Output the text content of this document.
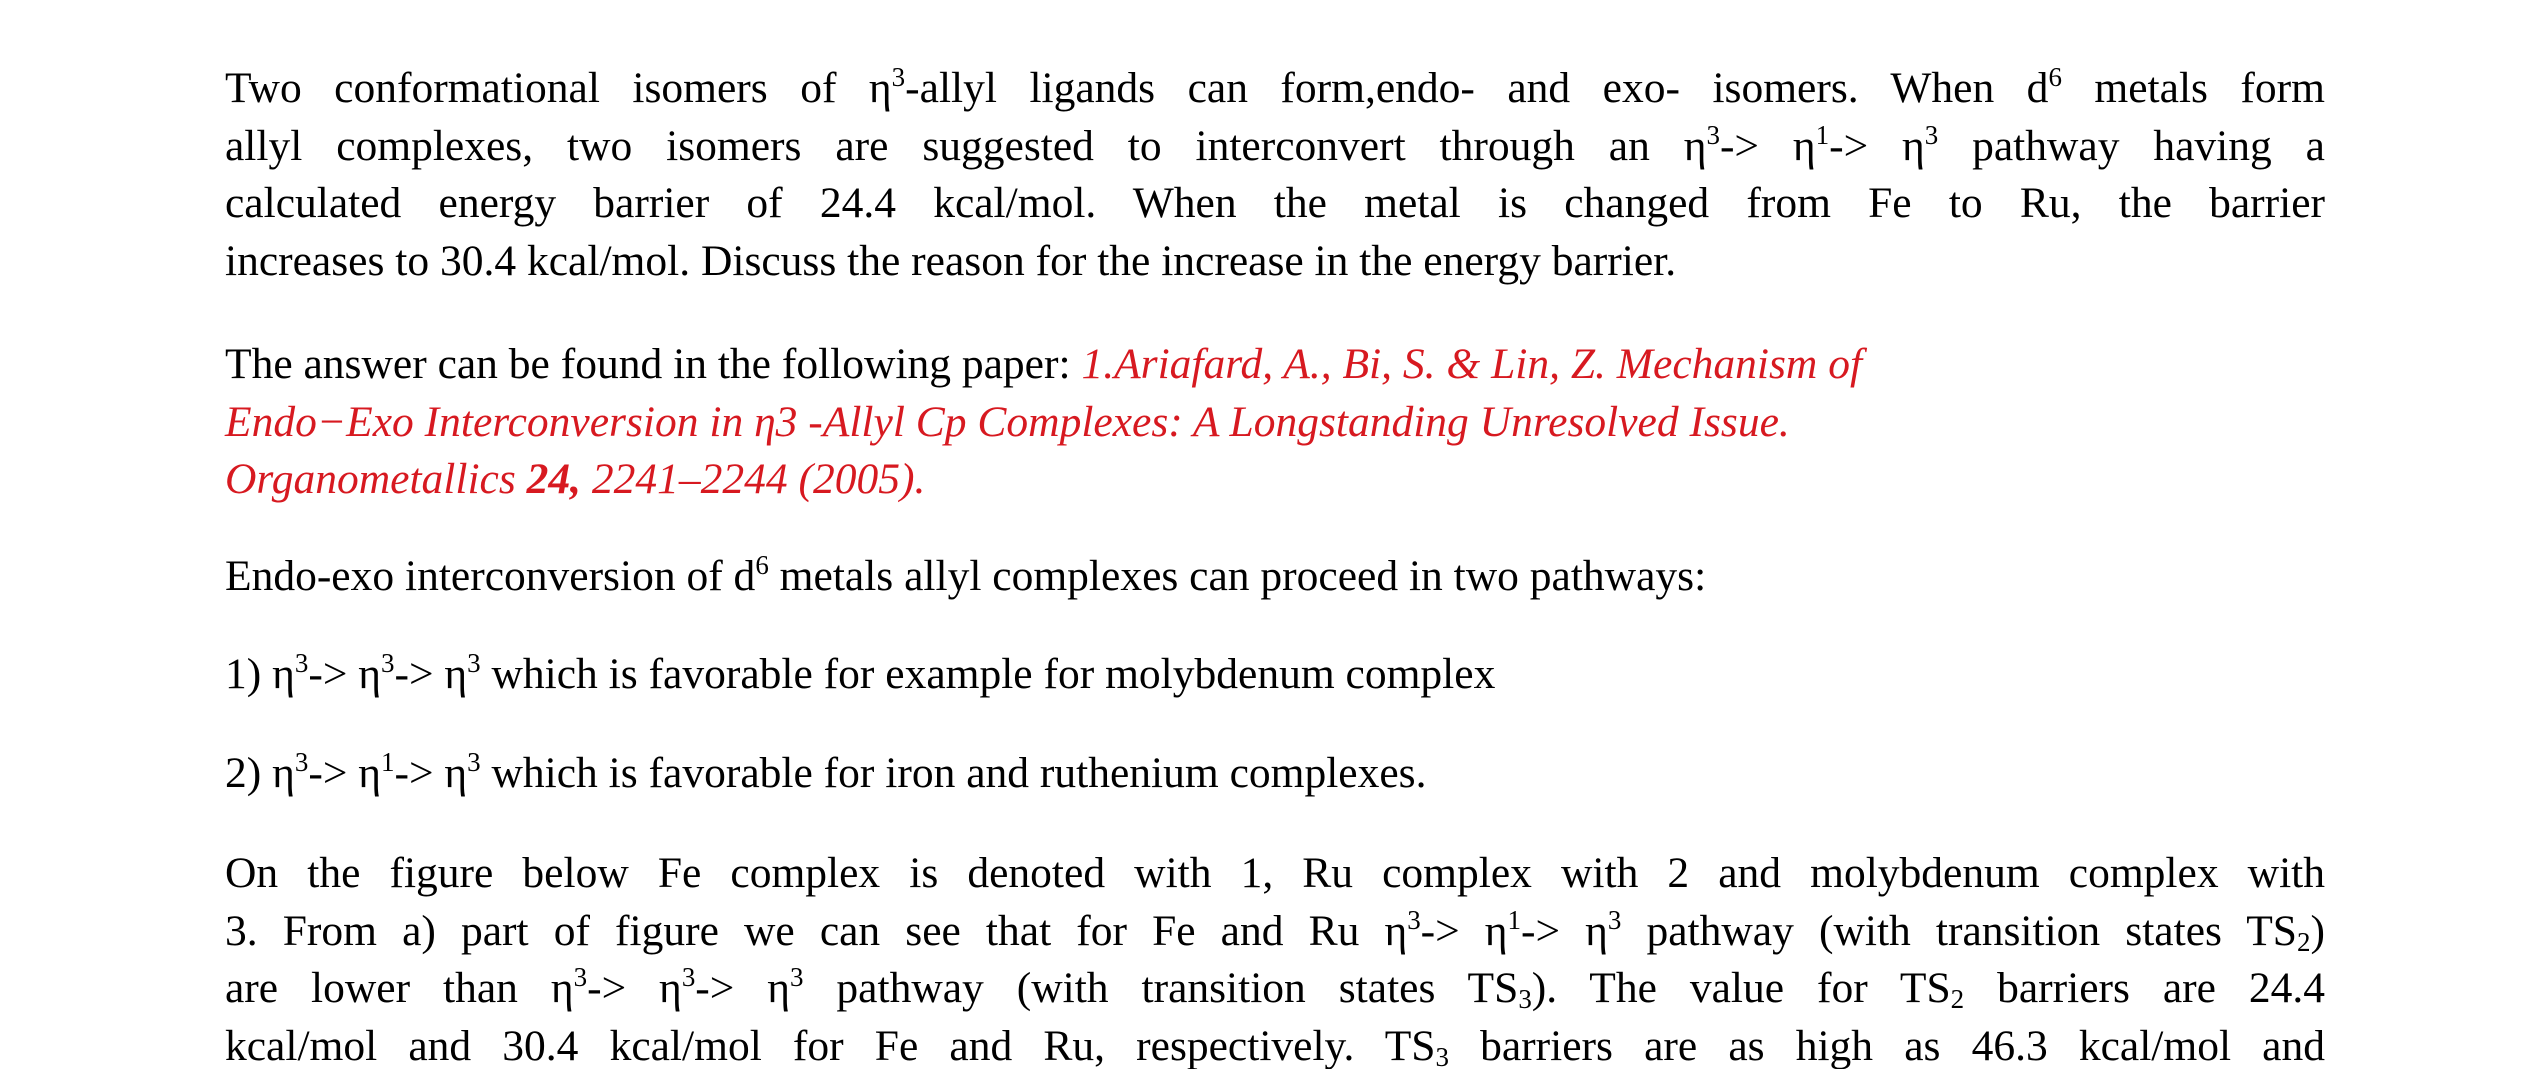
Two conformational isomers of $\eta^3$-allyl ligands can form,endo- and exo- isomers. When $d^6$ metals form

allyl complexes, two isomers are suggested to interconvert through an $\eta^3-> \eta^1-> \eta^3$ pathway having a

calculated energy barrier of 24.4 kcal/mol. When the metal is changed from Fe to Ru, the barrier

increases to 30.4 kcal/mol. Discuss the reason for the increase in the energy barrier.

The answer can be found in the following paper: 1.Ariafard, A., Bi, S. & Lin, Z. Mechanism of

Endo−Exo Interconversion in η3 -Allyl Cp Complexes: A Longstanding Unresolved Issue.

Organometallics 24, 2241–2244 (2005).

Endo-exo interconversion of $d^6$ metals allyl complexes can proceed in two pathways:

1) $\eta^3-> \eta^3-> \eta^3$ which is favorable for example for molybdenum complex

2) $\eta^3-> \eta^1-> \eta^3$ which is favorable for iron and ruthenium complexes.

On the figure below Fe complex is denoted with 1, Ru complex with 2 and molybdenum complex with

3. From a) part of figure we can see that for Fe and Ru $\eta^3-> \eta^1-> \eta^3$ pathway (with transition states $TS_2$)

are lower than $\eta^3-> \eta^3-> \eta^3$ pathway (with transition states $TS_3$). The value for $TS_2$ barriers are 24.4

kcal/mol and 30.4 kcal/mol for Fe and Ru, respectively. $TS_3$ barriers are as high as 46.3 kcal/mol and
